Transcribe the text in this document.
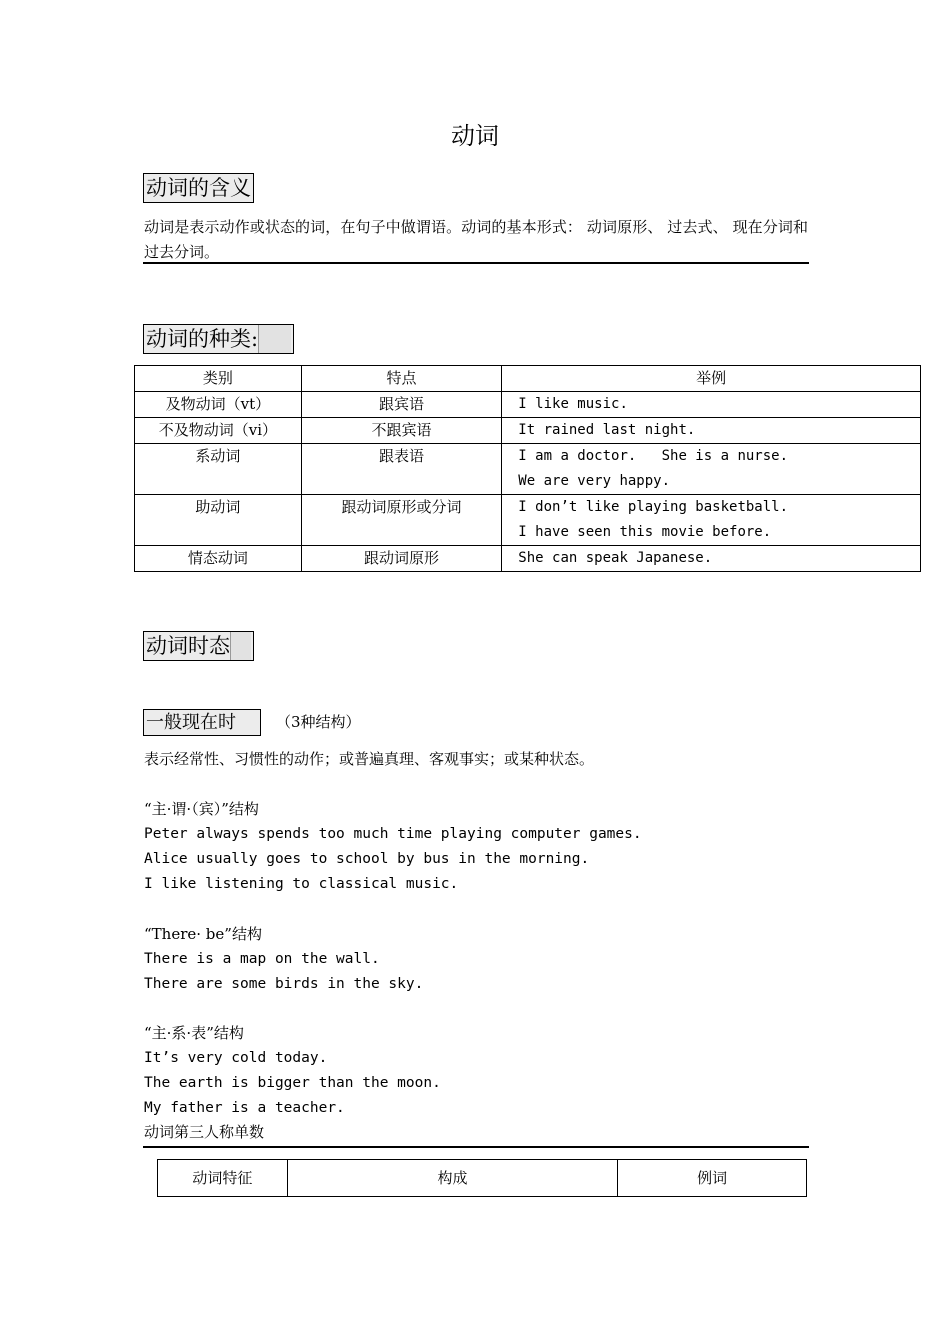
动词
动词的含义
动词是表示动作或状态的词，在句子中做谓语。动词的基本形式： 动词原形、 过去式、 现在分词和过去分词。
动词的种类:
类别	特点	举例
及物动词（vt）	跟宾语	I like music.

不及物动词（vi）	不跟宾语	It rained last night.

系动词	跟表语	I am a doctor.   She is a nurse.
We are very happy.

助动词	跟动词原形或分词	I don’t like playing basketball.
I have seen this movie before.

情态动词	跟动词原形	She can speak Japanese.
动词时态
一般现在时	（3种结构）
表示经常性、习惯性的动作；或普遍真理、客观事实；或某种状态。
“主·谓·（宾）”结构
Peter always spends too much time playing computer games.
Alice usually goes to school by bus in the morning.
I like listening to classical music.
“There· be”结构
There is a map on the wall.
There are some birds in the sky.
“主·系·表”结构
It’s very cold today.
The earth is bigger than the moon.
My father is a teacher.
动词第三人称单数
动词特征	构成	例词
